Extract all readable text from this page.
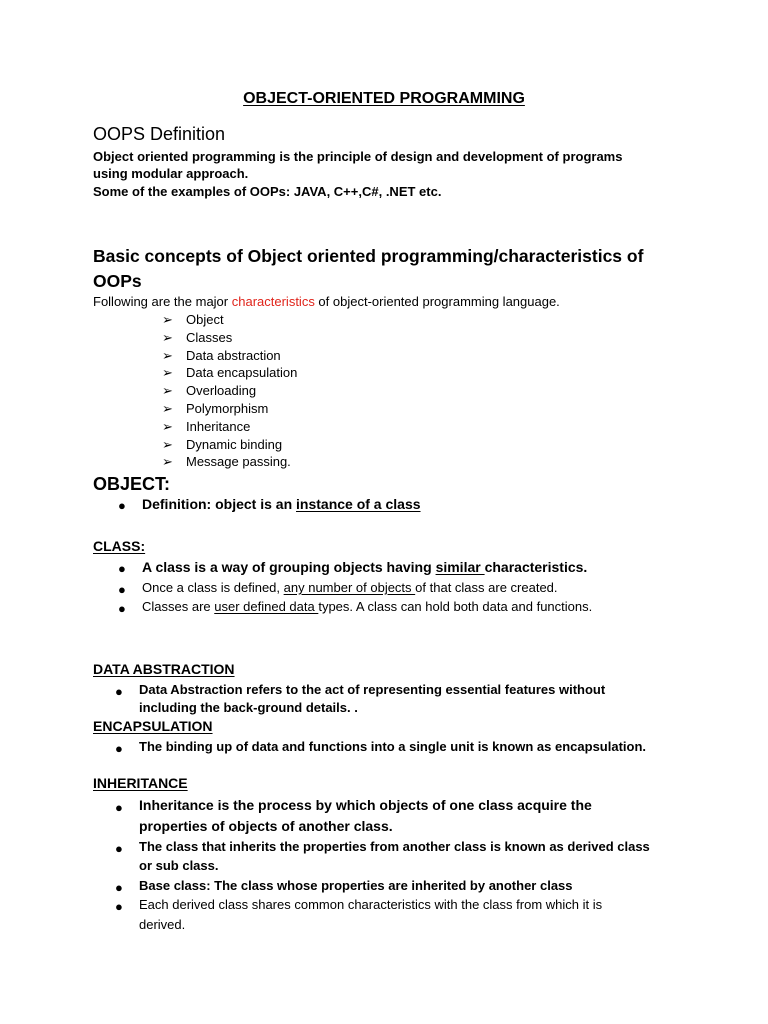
OBJECT-ORIENTED PROGRAMMING
OOPS Definition
Object oriented programming is the principle of design and development of programs
using modular approach.
Some of the examples of OOPs: JAVA, C++,C#, .NET etc.
Basic concepts of Object oriented programming/characteristics of
OOPs
Following are the major characteristics of object-oriented programming language.
➢ Object
➢ Classes
➢ Data abstraction
➢ Data encapsulation
➢ Overloading
➢ Polymorphism
➢ Inheritance
➢ Dynamic binding
➢ Message passing.
OBJECT:
● Definition: object is an instance of a class
CLASS:
● A class is a way of grouping objects having similar characteristics.
● Once a class is defined, any number of objects of that class are created.
● Classes are user defined data types. A class can hold both data and functions.
DATA ABSTRACTION
● Data Abstraction refers to the act of representing essential features without
including the back-ground details. .
ENCAPSULATION
● The binding up of data and functions into a single unit is known as encapsulation.
INHERITANCE
● Inheritance is the process by which objects of one class acquire the
properties of objects of another class.
● The class that inherits the properties from another class is known as derived class
or sub class.
● Base class: The class whose properties are inherited by another class
● Each derived class shares common characteristics with the class from which it is
derived.
